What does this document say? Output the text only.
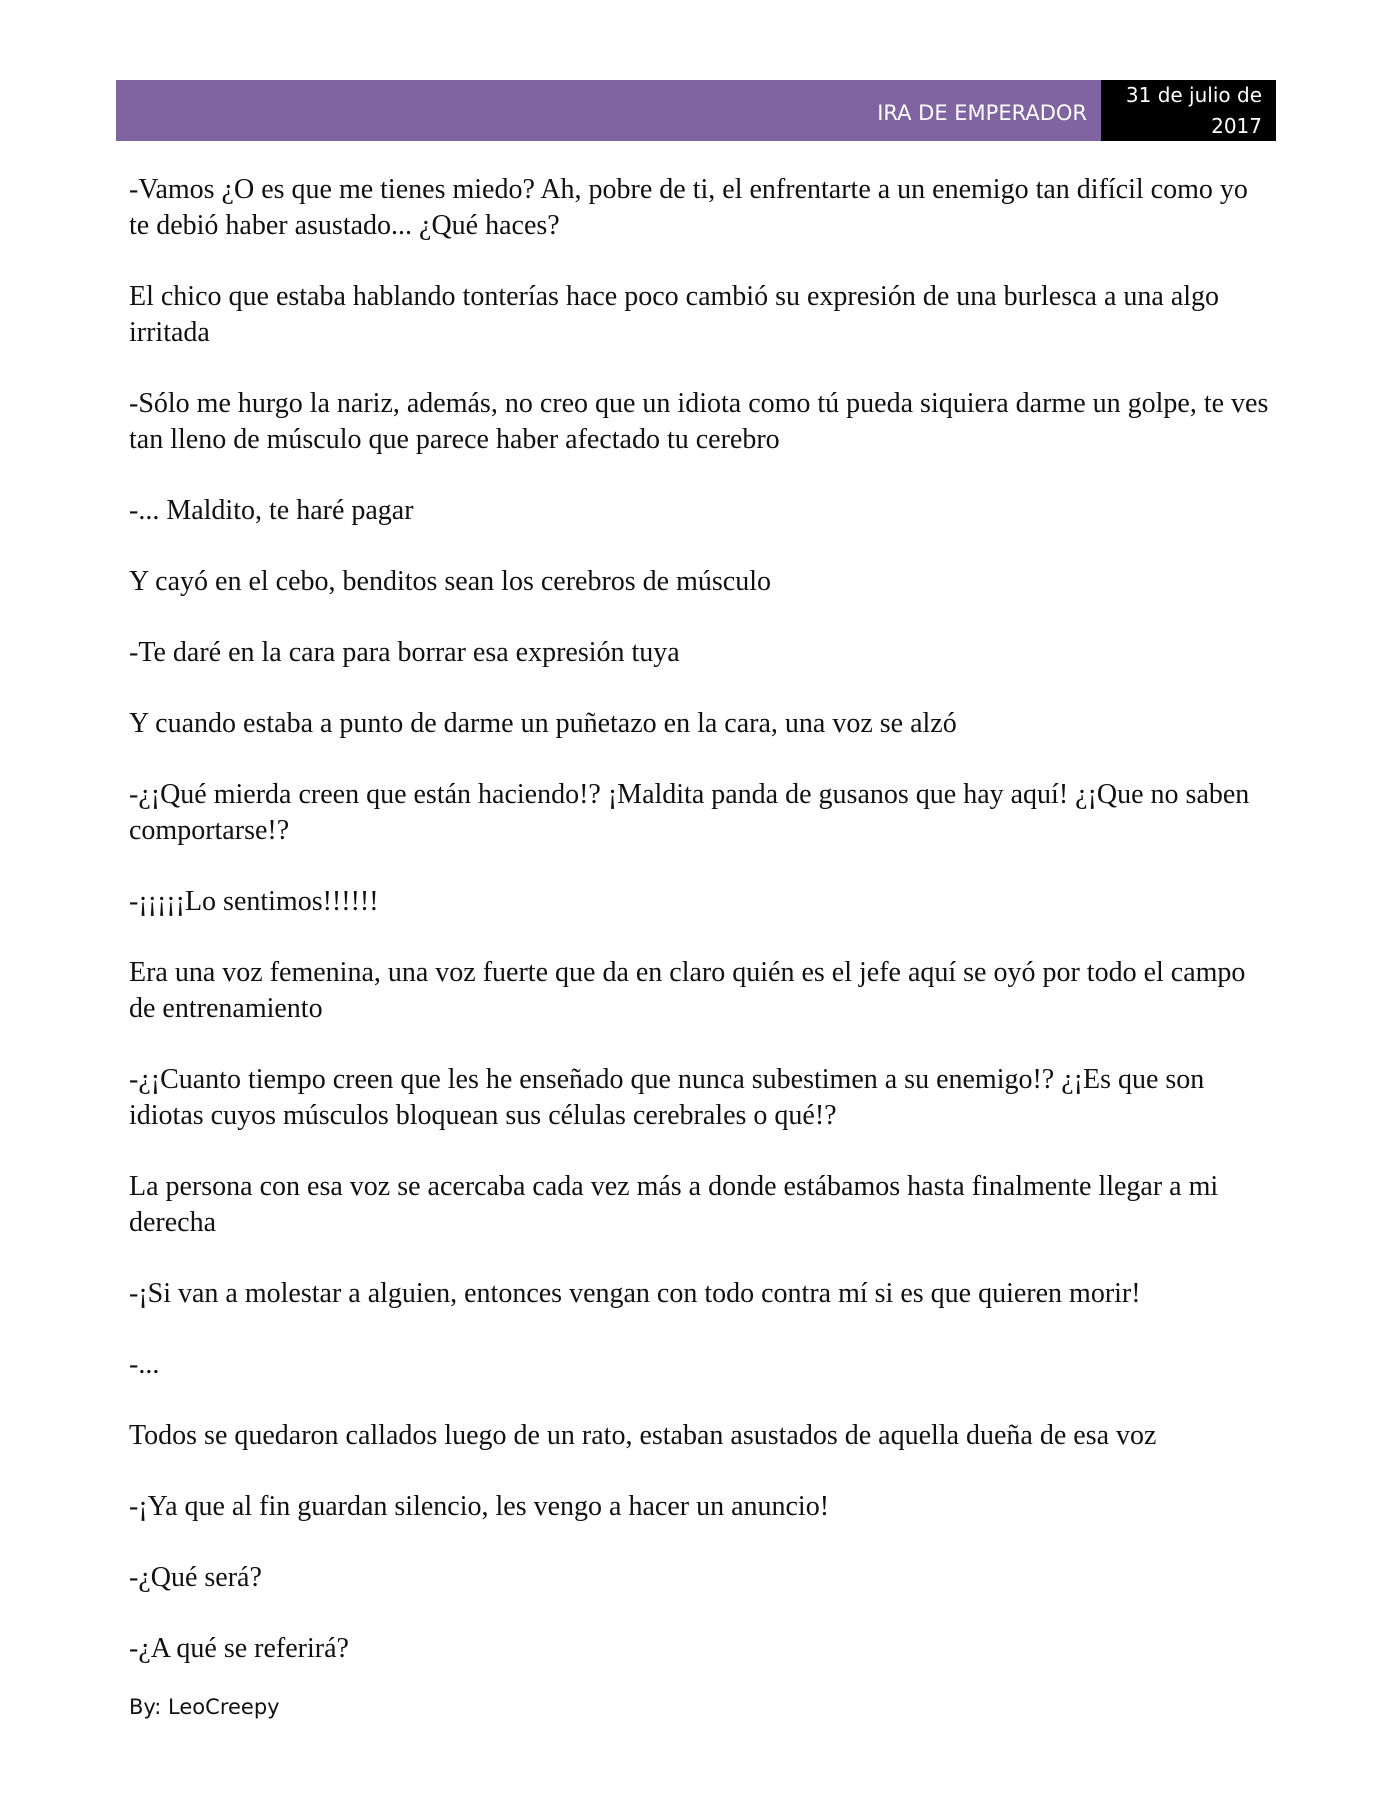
IRA DE EMPERADOR
31 de julio de
2017

-Vamos ¿O es que me tienes miedo? Ah, pobre de ti, el enfrentarte a un enemigo tan difícil como yo te debió haber asustado... ¿Qué haces?

El chico que estaba hablando tonterías hace poco cambió su expresión de una burlesca a una algo irritada

-Sólo me hurgo la nariz, además, no creo que un idiota como tú pueda siquiera darme un golpe, te ves tan lleno de músculo que parece haber afectado tu cerebro

-... Maldito, te haré pagar

Y cayó en el cebo, benditos sean los cerebros de músculo

-Te daré en la cara para borrar esa expresión tuya

Y cuando estaba a punto de darme un puñetazo en la cara, una voz se alzó

-¿¡Qué mierda creen que están haciendo!? ¡Maldita panda de gusanos que hay aquí! ¿¡Que no saben comportarse!?

-¡¡¡¡¡Lo sentimos!!!!!!

Era una voz femenina, una voz fuerte que da en claro quién es el jefe aquí se oyó por todo el campo de entrenamiento

-¿¡Cuanto tiempo creen que les he enseñado que nunca subestimen a su enemigo!? ¿¡Es que son idiotas cuyos músculos bloquean sus células cerebrales o qué!?

La persona con esa voz se acercaba cada vez más a donde estábamos hasta finalmente llegar a mi derecha

-¡Si van a molestar a alguien, entonces vengan con todo contra mí si es que quieren morir!

-...

Todos se quedaron callados luego de un rato, estaban asustados de aquella dueña de esa voz

-¡Ya que al fin guardan silencio, les vengo a hacer un anuncio!

-¿Qué será?

-¿A qué se referirá?

By: LeoCreepy
